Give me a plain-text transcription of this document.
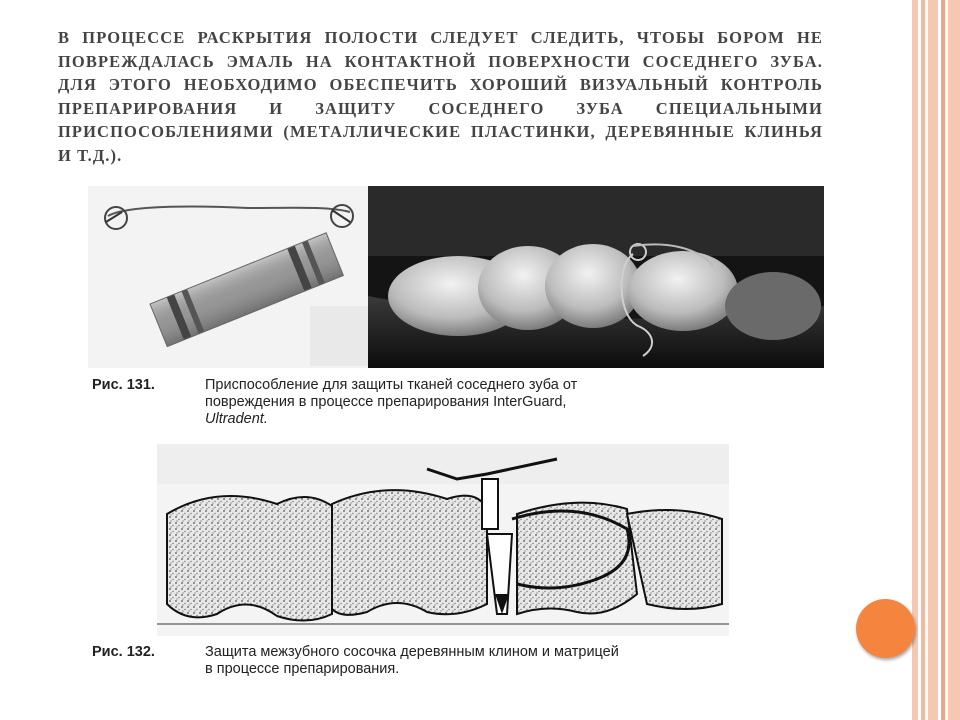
В ПРОЦЕССЕ РАСКРЫТИЯ ПОЛОСТИ СЛЕДУЕТ СЛЕДИТЬ, ЧТОБЫ БОРОМ НЕ ПОВРЕЖДАЛАСЬ ЭМАЛЬ НА КОНТАКТНОЙ ПОВЕРХНОСТИ СОСЕДНЕГО ЗУБА. ДЛЯ ЭТОГО НЕОБХОДИМО ОБЕСПЕЧИТЬ ХОРОШИЙ ВИЗУАЛЬНЫЙ КОНТРОЛЬ ПРЕПАРИРОВАНИЯ И ЗАЩИТУ СОСЕДНЕГО ЗУБА СПЕЦИАЛЬНЫМИ ПРИСПОСОБЛЕНИЯМИ (МЕТАЛЛИЧЕСКИЕ ПЛАСТИНКИ, ДЕРЕВЯННЫЕ КЛИНЬЯ И Т.Д.).
Рис. 131.	Приспособление для защиты тканей соседнего зуба от
повреждения в процессе препарирования InterGuard,
Ultradent.
Рис. 132.	Защита межзубного сосочка деревянным клином и матрицей
в процессе препарирования.
